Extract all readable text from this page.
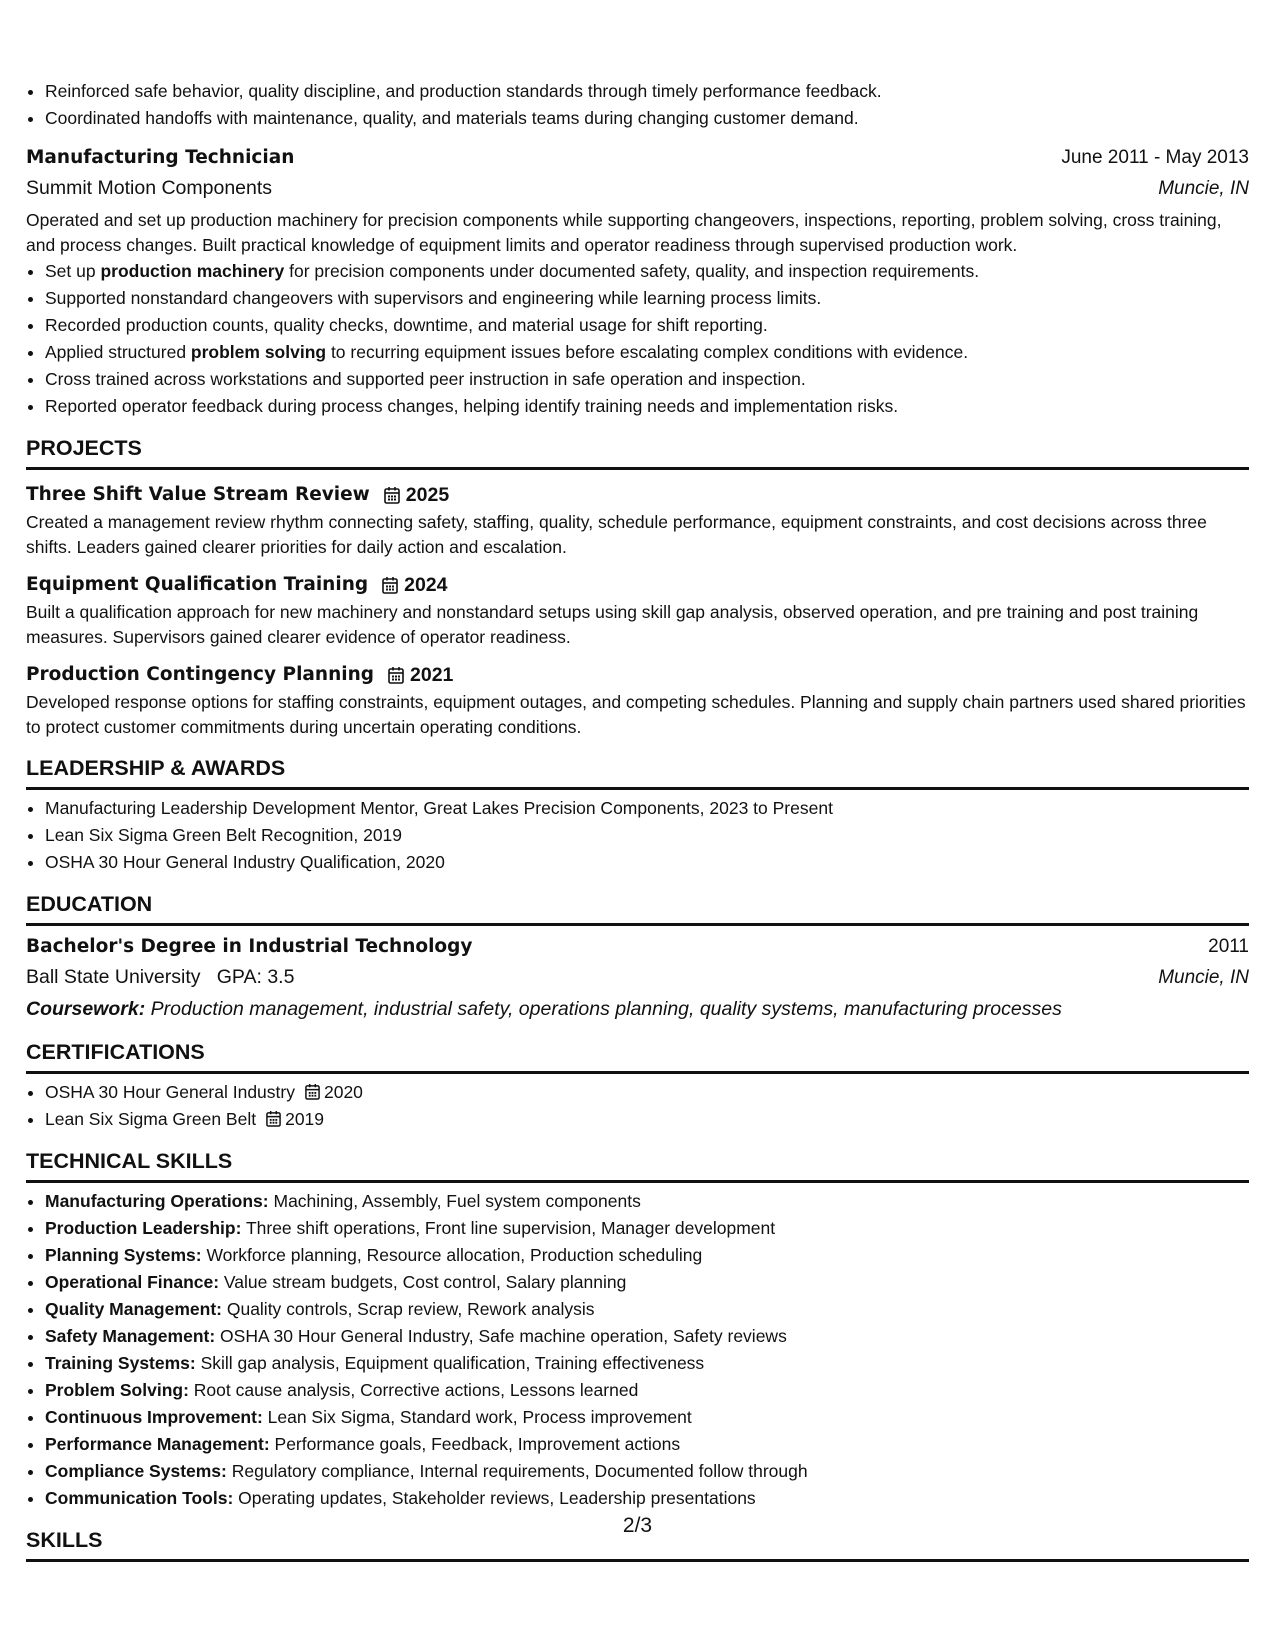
• Reinforced safe behavior, quality discipline, and production standards through timely performance feedback.
• Coordinated handoffs with maintenance, quality, and materials teams during changing customer demand.
Manufacturing Technician	June 2011 - May 2013
Summit Motion Components	Muncie, IN
Operated and set up production machinery for precision components while supporting changeovers, inspections, reporting, problem solving, cross training, and process changes. Built practical knowledge of equipment limits and operator readiness through supervised production work.
• Set up production machinery for precision components under documented safety, quality, and inspection requirements.
• Supported nonstandard changeovers with supervisors and engineering while learning process limits.
• Recorded production counts, quality checks, downtime, and material usage for shift reporting.
• Applied structured problem solving to recurring equipment issues before escalating complex conditions with evidence.
• Cross trained across workstations and supported peer instruction in safe operation and inspection.
• Reported operator feedback during process changes, helping identify training needs and implementation risks.
PROJECTS
Three Shift Value Stream Review 2025
Created a management review rhythm connecting safety, staffing, quality, schedule performance, equipment constraints, and cost decisions across three shifts. Leaders gained clearer priorities for daily action and escalation.
Equipment Qualification Training 2024
Built a qualification approach for new machinery and nonstandard setups using skill gap analysis, observed operation, and pre training and post training measures. Supervisors gained clearer evidence of operator readiness.
Production Contingency Planning 2021
Developed response options for staffing constraints, equipment outages, and competing schedules. Planning and supply chain partners used shared priorities to protect customer commitments during uncertain operating conditions.
LEADERSHIP & AWARDS
• Manufacturing Leadership Development Mentor, Great Lakes Precision Components, 2023 to Present
• Lean Six Sigma Green Belt Recognition, 2019
• OSHA 30 Hour General Industry Qualification, 2020
EDUCATION
Bachelor's Degree in Industrial Technology	2011
Ball State University GPA: 3.5	Muncie, IN
Coursework: Production management, industrial safety, operations planning, quality systems, manufacturing processes
CERTIFICATIONS
• OSHA 30 Hour General Industry 2020
• Lean Six Sigma Green Belt 2019
TECHNICAL SKILLS
• Manufacturing Operations: Machining, Assembly, Fuel system components
• Production Leadership: Three shift operations, Front line supervision, Manager development
• Planning Systems: Workforce planning, Resource allocation, Production scheduling
• Operational Finance: Value stream budgets, Cost control, Salary planning
• Quality Management: Quality controls, Scrap review, Rework analysis
• Safety Management: OSHA 30 Hour General Industry, Safe machine operation, Safety reviews
• Training Systems: Skill gap analysis, Equipment qualification, Training effectiveness
• Problem Solving: Root cause analysis, Corrective actions, Lessons learned
• Continuous Improvement: Lean Six Sigma, Standard work, Process improvement
• Performance Management: Performance goals, Feedback, Improvement actions
• Compliance Systems: Regulatory compliance, Internal requirements, Documented follow through
• Communication Tools: Operating updates, Stakeholder reviews, Leadership presentations
SKILLS
2/3
